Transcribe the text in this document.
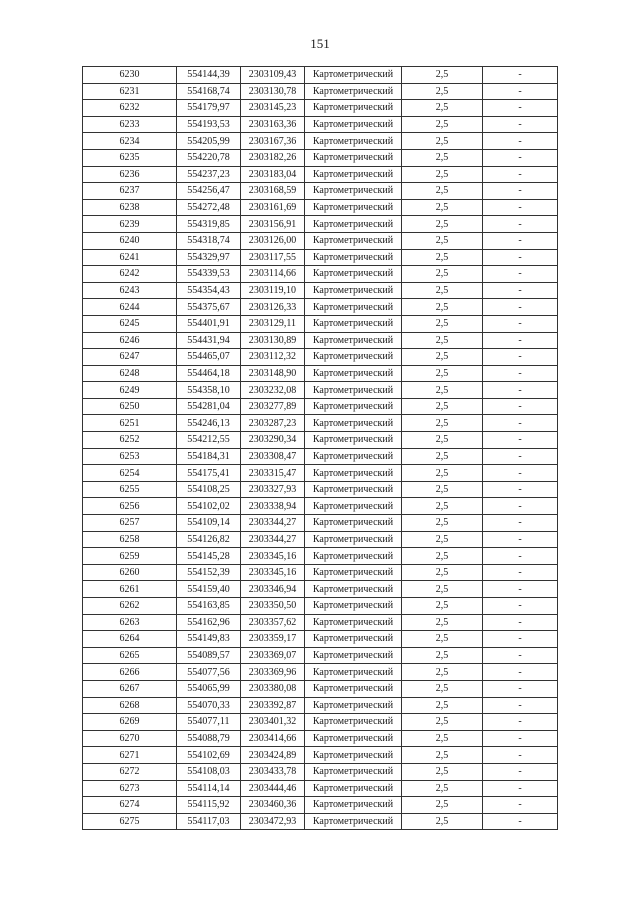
151
6230	554144,39	2303109,43	Картометрический	2,5	-
6231	554168,74	2303130,78	Картометрический	2,5	-
6232	554179,97	2303145,23	Картометрический	2,5	-
6233	554193,53	2303163,36	Картометрический	2,5	-
6234	554205,99	2303167,36	Картометрический	2,5	-
6235	554220,78	2303182,26	Картометрический	2,5	-
6236	554237,23	2303183,04	Картометрический	2,5	-
6237	554256,47	2303168,59	Картометрический	2,5	-
6238	554272,48	2303161,69	Картометрический	2,5	-
6239	554319,85	2303156,91	Картометрический	2,5	-
6240	554318,74	2303126,00	Картометрический	2,5	-
6241	554329,97	2303117,55	Картометрический	2,5	-
6242	554339,53	2303114,66	Картометрический	2,5	-
6243	554354,43	2303119,10	Картометрический	2,5	-
6244	554375,67	2303126,33	Картометрический	2,5	-
6245	554401,91	2303129,11	Картометрический	2,5	-
6246	554431,94	2303130,89	Картометрический	2,5	-
6247	554465,07	2303112,32	Картометрический	2,5	-
6248	554464,18	2303148,90	Картометрический	2,5	-
6249	554358,10	2303232,08	Картометрический	2,5	-
6250	554281,04	2303277,89	Картометрический	2,5	-
6251	554246,13	2303287,23	Картометрический	2,5	-
6252	554212,55	2303290,34	Картометрический	2,5	-
6253	554184,31	2303308,47	Картометрический	2,5	-
6254	554175,41	2303315,47	Картометрический	2,5	-
6255	554108,25	2303327,93	Картометрический	2,5	-
6256	554102,02	2303338,94	Картометрический	2,5	-
6257	554109,14	2303344,27	Картометрический	2,5	-
6258	554126,82	2303344,27	Картометрический	2,5	-
6259	554145,28	2303345,16	Картометрический	2,5	-
6260	554152,39	2303345,16	Картометрический	2,5	-
6261	554159,40	2303346,94	Картометрический	2,5	-
6262	554163,85	2303350,50	Картометрический	2,5	-
6263	554162,96	2303357,62	Картометрический	2,5	-
6264	554149,83	2303359,17	Картометрический	2,5	-
6265	554089,57	2303369,07	Картометрический	2,5	-
6266	554077,56	2303369,96	Картометрический	2,5	-
6267	554065,99	2303380,08	Картометрический	2,5	-
6268	554070,33	2303392,87	Картометрический	2,5	-
6269	554077,11	2303401,32	Картометрический	2,5	-
6270	554088,79	2303414,66	Картометрический	2,5	-
6271	554102,69	2303424,89	Картометрический	2,5	-
6272	554108,03	2303433,78	Картометрический	2,5	-
6273	554114,14	2303444,46	Картометрический	2,5	-
6274	554115,92	2303460,36	Картометрический	2,5	-
6275	554117,03	2303472,93	Картометрический	2,5	-
